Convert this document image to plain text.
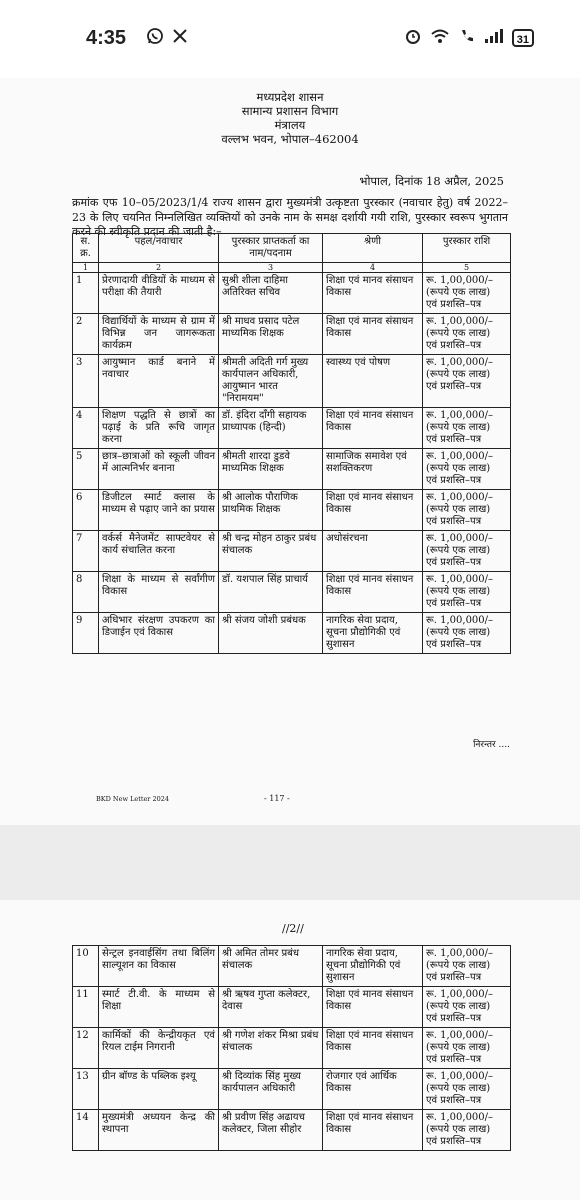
4:35	31
मध्यप्रदेश शासन
सामान्य प्रशासन विभाग
मंत्रालय
वल्लभ भवन, भोपाल–462004
भोपाल, दिनांक 18 अप्रैल, 2025
क्रमांक एफ 10–05/2023/1/4 राज्य शासन द्वारा मुख्यमंत्री उत्कृष्टता पुरस्कार (नवाचार हेतु) वर्ष 2022–23 के लिए चयनित निम्नलिखित व्यक्तियों को उनके नाम के समक्ष दर्शायी गयी राशि, पुरस्कार स्वरूप भुगतान करने की स्वीकृति प्रदान की जाती है:–
स. क्र.	पहल/नवाचार	पुरस्कार प्राप्तकर्ता का नाम/पदनाम	श्रेणी	पुरस्कार राशि
1	2	3	4	5
1	प्रेरणादायी वीडियों के माध्यम से परीक्षा की तैयारी	सुश्री शीला दाहिमा अतिरिक्त सचिव	शिक्षा एवं मानव संसाधन विकास	रू. 1,00,000/–
(रूपये एक लाख)
एवं प्रशस्ति–पत्र

2	विद्यार्थियों के माध्यम से ग्राम में विभिन्न जन जागरूकता कार्यक्रम	श्री माधव प्रसाद पटेल माध्यमिक शिक्षक	शिक्षा एवं मानव संसाधन विकास	रू. 1,00,000/–
(रूपये एक लाख)
एवं प्रशस्ति–पत्र

3	आयुष्मान कार्ड बनाने में नवाचार	श्रीमती अदिती गर्ग मुख्य कार्यपालन अधिकारी, आयुष्मान भारत "निरामयम"	स्वास्थ्य एवं पोषण	रू. 1,00,000/–
(रूपये एक लाख)
एवं प्रशस्ति–पत्र

4	शिक्षण पद्धति से छात्रों का पढ़ाई के प्रति रूचि जागृत करना	डॉ. इंदिरा दाँगी सहायक प्राध्यापक (हिन्दी)	शिक्षा एवं मानव संसाधन विकास	रू. 1,00,000/–
(रूपये एक लाख)
एवं प्रशस्ति–पत्र

5	छात्र–छात्राओं को स्कूली जीवन में आत्मनिर्भर बनाना	श्रीमती शारदा डुडवे माध्यमिक शिक्षक	सामाजिक समावेश एवं सशक्तिकरण	रू. 1,00,000/–
(रूपये एक लाख)
एवं प्रशस्ति–पत्र

6	डिजीटल स्मार्ट क्लास के माध्यम से पढ़ाए जाने का प्रयास	श्री आलोक पौराणिक प्राथमिक शिक्षक	शिक्षा एवं मानव संसाधन विकास	रू. 1,00,000/–
(रूपये एक लाख)
एवं प्रशस्ति–पत्र

7	वर्कर्स मैनेजमेंट साफ्टवेयर से कार्य संचालित करना	श्री चन्द्र मोहन ठाकुर प्रबंध संचालक	अधोसंरचना	रू. 1,00,000/–
(रूपये एक लाख)
एवं प्रशस्ति–पत्र

8	शिक्षा के माध्यम से सर्वांगीण विकास	डॉ. यशपाल सिंह प्राचार्य	शिक्षा एवं मानव संसाधन विकास	रू. 1,00,000/–
(रूपये एक लाख)
एवं प्रशस्ति–पत्र

9	अधिभार संरक्षण उपकरण का डिजाईन एवं विकास	श्री संजय जोशी प्रबंधक	नागरिक सेवा प्रदाय, सूचना प्रौद्योगिकी एवं सुशासन	रू. 1,00,000/–
(रूपये एक लाख)
एवं प्रशस्ति–पत्र
निरन्तर ....
BKD New Letter 2024	- 117 -
//2//
10	सेन्ट्रल इनवाईसिंग तथा बिलिंग साल्यूशन का विकास	श्री अमित तोमर प्रबंध संचालक	नागरिक सेवा प्रदाय, सूचना प्रौद्योगिकी एवं सुशासन	रू. 1,00,000/–
(रूपये एक लाख)
एवं प्रशस्ति–पत्र

11	स्मार्ट टी.वी. के माध्यम से शिक्षा	श्री ऋषव गुप्ता कलेक्टर, देवास	शिक्षा एवं मानव संसाधन विकास	रू. 1,00,000/–
(रूपये एक लाख)
एवं प्रशस्ति–पत्र

12	कार्मिकों की केन्द्रीयकृत एवं रियल टाईम निगरानी	श्री गणेश शंकर मिश्रा प्रबंध संचालक	शिक्षा एवं मानव संसाधन विकास	रू. 1,00,000/–
(रूपये एक लाख)
एवं प्रशस्ति–पत्र

13	ग्रीन बॉण्ड के पब्लिक इश्यू	श्री दिव्यांक सिंह मुख्य कार्यपालन अधिकारी	रोजगार एवं आर्थिक विकास	रू. 1,00,000/–
(रूपये एक लाख)
एवं प्रशस्ति–पत्र

14	मुख्यमंत्री अध्ययन केन्द्र की स्थापना	श्री प्रवीण सिंह अढायच कलेक्टर, जिला सीहोर	शिक्षा एवं मानव संसाधन विकास	रू. 1,00,000/–
(रूपये एक लाख)
एवं प्रशस्ति–पत्र
